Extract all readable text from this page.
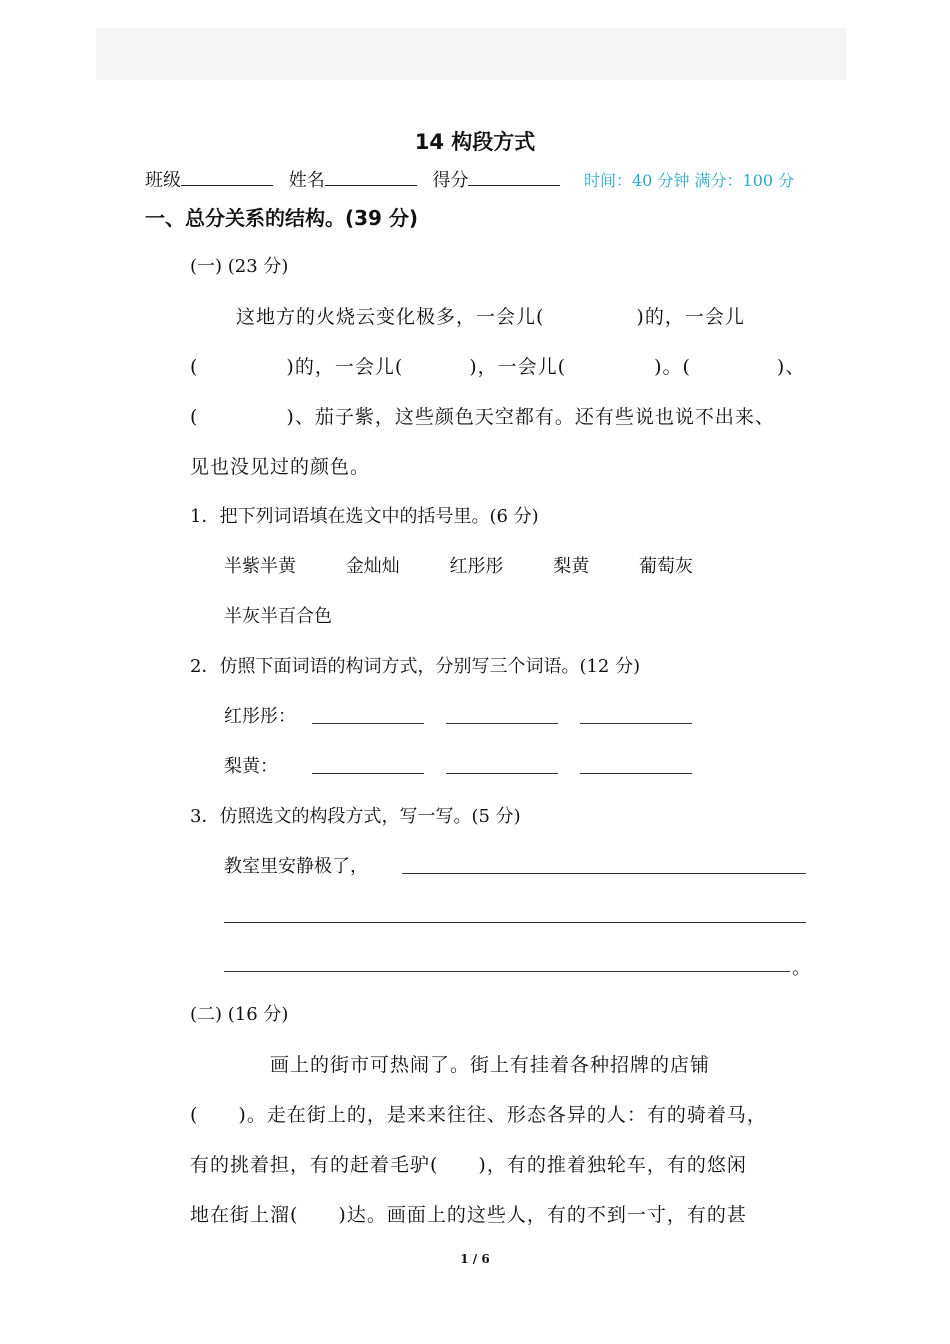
14 构段方式
班级	姓名	得分	时间：40 分钟 满分：100 分
一、总分关系的结构。(39 分)
(一) (23 分)
这地方的火烧云变化极多，一会儿(	)的，一会儿
(	)的，一会儿(	)，一会儿(	)。(	)、
(	)、茄子紫，这些颜色天空都有。还有些说也说不出来、
见也没见过的颜色。
1．把下列词语填在选文中的括号里。(6 分)
半紫半黄	金灿灿	红彤彤	梨黄	葡萄灰
半灰半百合色
2．仿照下面词语的构词方式，分别写三个词语。(12 分)
红彤彤：
梨黄：
3．仿照选文的构段方式，写一写。(5 分)
教室里安静极了，
。
(二) (16 分)
画上的街市可热闹了。街上有挂着各种招牌的店铺
( )。走在街上的，是来来往往、形态各异的人：有的骑着马，
有的挑着担，有的赶着毛驴( )，有的推着独轮车，有的悠闲
地在街上溜( )达。画面上的这些人，有的不到一寸，有的甚
1 / 6
